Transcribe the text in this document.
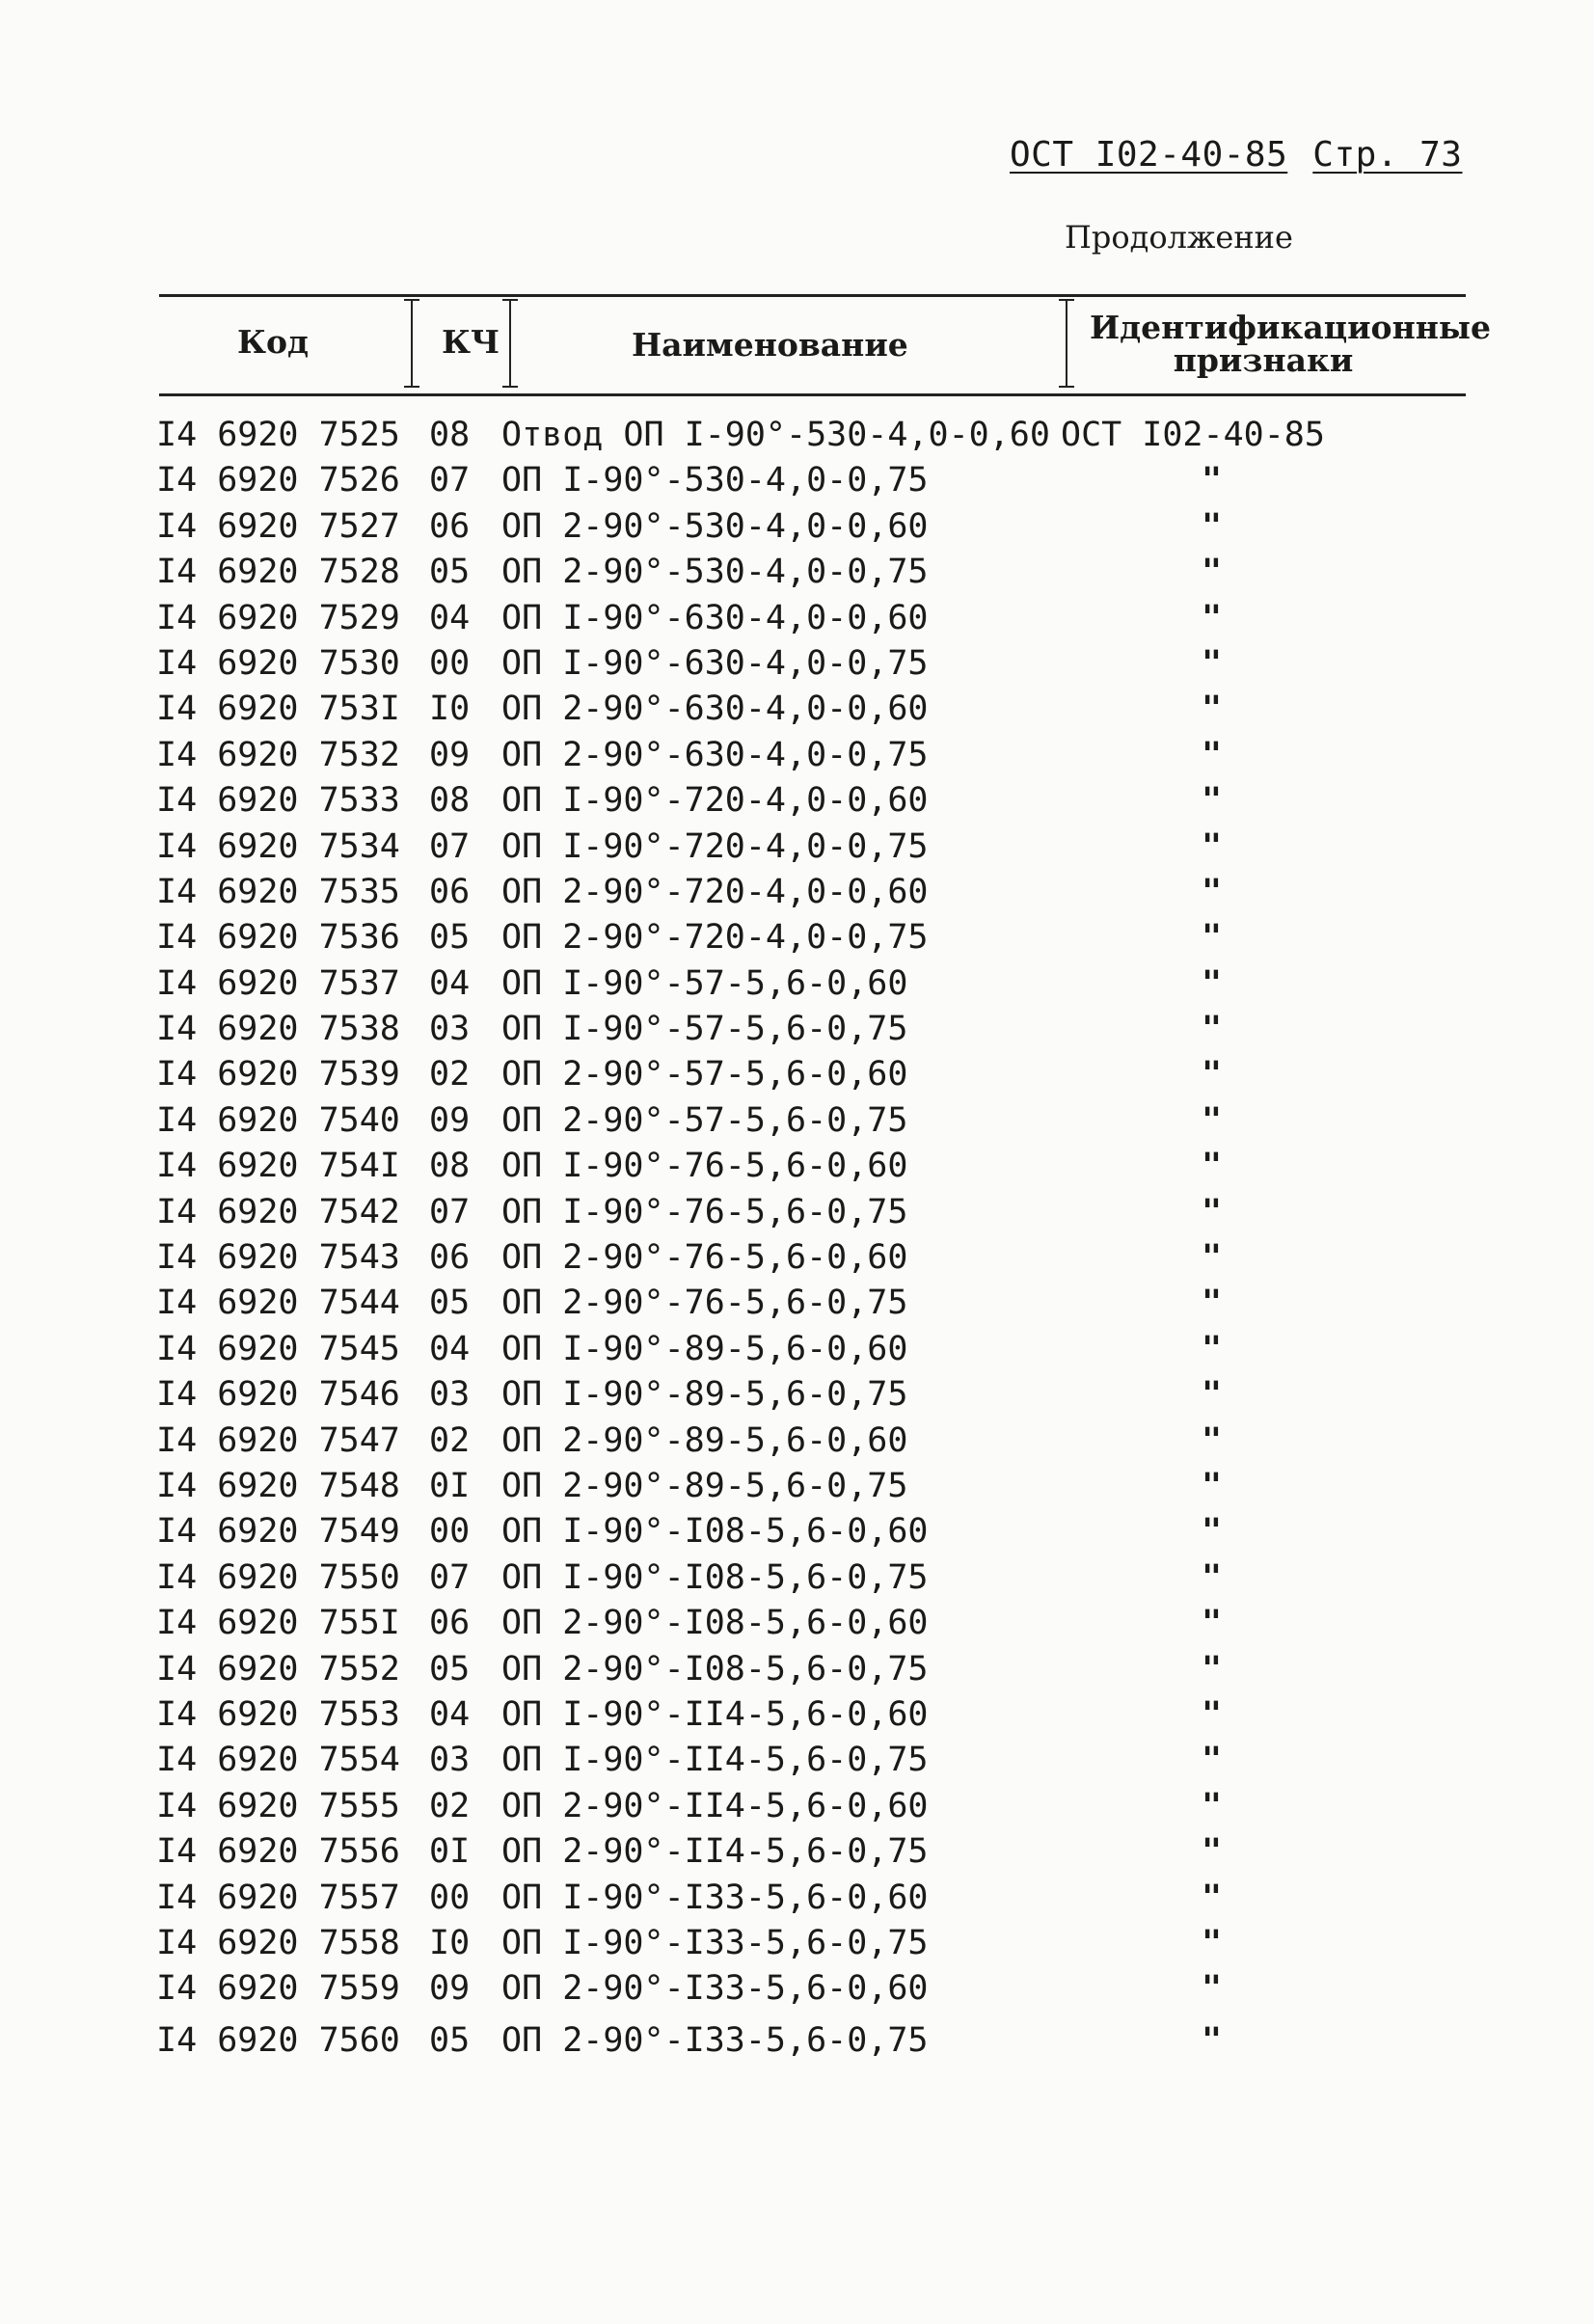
ОСТ I02-40-85 Стр. 73
Продолжение
Код	КЧ	Наименование	Идентификационные
признаки
I4 6920 7525 08 Отвод ОП I-90°-530-4,0-0,60 ОСТ I02-40-85
I4 6920 7526 07 ОП I-90°-530-4,0-0,75	"
I4 6920 7527 06 ОП 2-90°-530-4,0-0,60	"
I4 6920 7528 05 ОП 2-90°-530-4,0-0,75	"
I4 6920 7529 04 ОП I-90°-630-4,0-0,60	"
I4 6920 7530 00 ОП I-90°-630-4,0-0,75	"
I4 6920 753I I0 ОП 2-90°-630-4,0-0,60	"
I4 6920 7532 09 ОП 2-90°-630-4,0-0,75	"
I4 6920 7533 08 ОП I-90°-720-4,0-0,60	"
I4 6920 7534 07 ОП I-90°-720-4,0-0,75	"
I4 6920 7535 06 ОП 2-90°-720-4,0-0,60	"
I4 6920 7536 05 ОП 2-90°-720-4,0-0,75	"
I4 6920 7537 04 ОП I-90°-57-5,6-0,60	"
I4 6920 7538 03 ОП I-90°-57-5,6-0,75	"
I4 6920 7539 02 ОП 2-90°-57-5,6-0,60	"
I4 6920 7540 09 ОП 2-90°-57-5,6-0,75	"
I4 6920 754I 08 ОП I-90°-76-5,6-0,60	"
I4 6920 7542 07 ОП I-90°-76-5,6-0,75	"
I4 6920 7543 06 ОП 2-90°-76-5,6-0,60	"
I4 6920 7544 05 ОП 2-90°-76-5,6-0,75	"
I4 6920 7545 04 ОП I-90°-89-5,6-0,60	"
I4 6920 7546 03 ОП I-90°-89-5,6-0,75	"
I4 6920 7547 02 ОП 2-90°-89-5,6-0,60	"
I4 6920 7548 0I ОП 2-90°-89-5,6-0,75	"
I4 6920 7549 00 ОП I-90°-I08-5,6-0,60	"
I4 6920 7550 07 ОП I-90°-I08-5,6-0,75	"
I4 6920 755I 06 ОП 2-90°-I08-5,6-0,60	"
I4 6920 7552 05 ОП 2-90°-I08-5,6-0,75	"
I4 6920 7553 04 ОП I-90°-II4-5,6-0,60	"
I4 6920 7554 03 ОП I-90°-II4-5,6-0,75	"
I4 6920 7555 02 ОП 2-90°-II4-5,6-0,60	"
I4 6920 7556 0I ОП 2-90°-II4-5,6-0,75	"
I4 6920 7557 00 ОП I-90°-I33-5,6-0,60	"
I4 6920 7558 I0 ОП I-90°-I33-5,6-0,75	"
I4 6920 7559 09 ОП 2-90°-I33-5,6-0,60	"
I4 6920 7560 05 ОП 2-90°-I33-5,6-0,75	"
